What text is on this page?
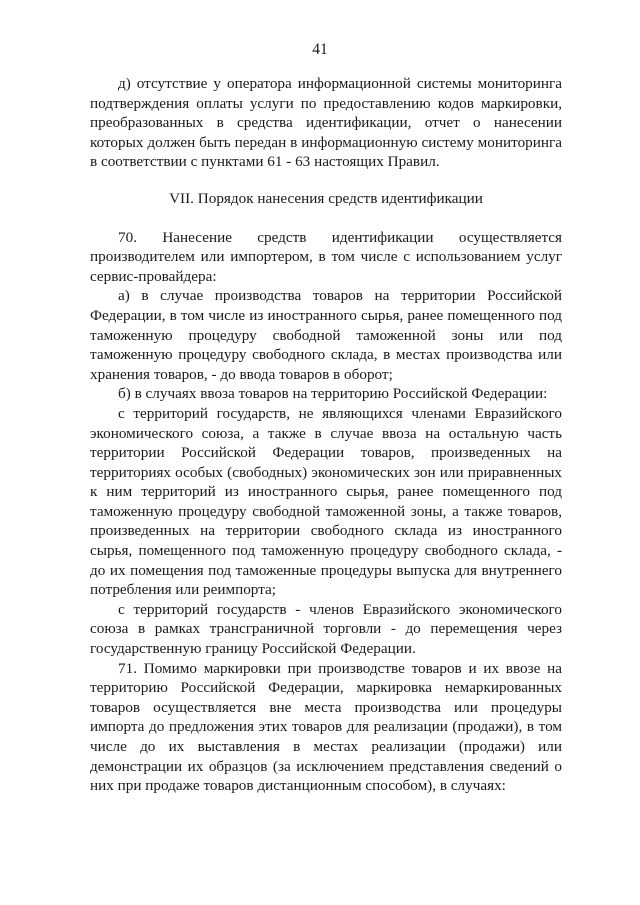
41

д) отсутствие у оператора информационной системы мониторинга подтверждения оплаты услуги по предоставлению кодов маркировки, преобразованных в средства идентификации, отчет о нанесении которых должен быть передан в информационную систему мониторинга в соответствии с пунктами 61 - 63 настоящих Правил.

VII. Порядок нанесения средств идентификации

70. Нанесение средств идентификации осуществляется производителем или импортером, в том числе с использованием услуг сервис-провайдера:

а) в случае производства товаров на территории Российской Федерации, в том числе из иностранного сырья, ранее помещенного под таможенную процедуру свободной таможенной зоны или под таможенную процедуру свободного склада, в местах производства или хранения товаров, - до ввода товаров в оборот;

б) в случаях ввоза товаров на территорию Российской Федерации:

с территорий государств, не являющихся членами Евразийского экономического союза, а также в случае ввоза на остальную часть территории Российской Федерации товаров, произведенных на территориях особых (свободных) экономических зон или приравненных к ним территорий из иностранного сырья, ранее помещенного под таможенную процедуру свободной таможенной зоны, а также товаров, произведенных на территории свободного склада из иностранного сырья, помещенного под таможенную процедуру свободного склада, - до их помещения под таможенные процедуры выпуска для внутреннего потребления или реимпорта;

с территорий государств - членов Евразийского экономического союза в рамках трансграничной торговли - до перемещения через государственную границу Российской Федерации.

71. Помимо маркировки при производстве товаров и их ввозе на территорию Российской Федерации, маркировка немаркированных товаров осуществляется вне места производства или процедуры импорта до предложения этих товаров для реализации (продажи), в том числе до их выставления в местах реализации (продажи) или демонстрации их образцов (за исключением представления сведений о них при продаже товаров дистанционным способом), в случаях:
